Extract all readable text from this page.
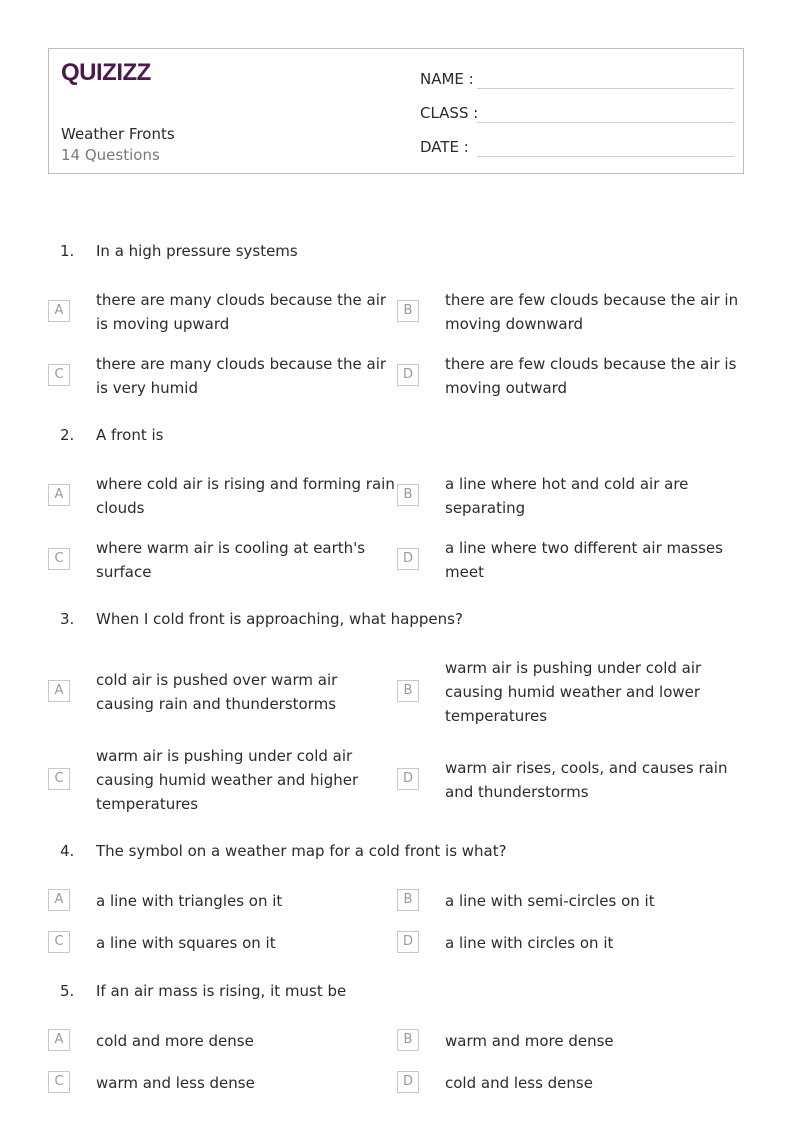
QUIZIZZ
Weather Fronts
14 Questions
NAME :
CLASS :
DATE :
1. In a high pressure systems
A
there are many clouds because the air is moving upward
B
there are few clouds because the air in moving downward
C
there are many clouds because the air is very humid
D
there are few clouds because the air is moving outward
2. A front is
A
where cold air is rising and forming rain clouds
B
a line where hot and cold air are separating
C
where warm air is cooling at earth's surface
D
a line where two different air masses meet
3. When I cold front is approaching, what happens?
A
cold air is pushed over warm air causing rain and thunderstorms
B
warm air is pushing under cold air causing humid weather and lower temperatures
C
warm air is pushing under cold air causing humid weather and higher temperatures
D
warm air rises, cools, and causes rain and thunderstorms
4. The symbol on a weather map for a cold front is what?
A	a line with triangles on it	B	a line with semi-circles on it
C	a line with squares on it	D	a line with circles on it
5. If an air mass is rising, it must be
A	cold and more dense	B	warm and more dense
C	warm and less dense	D	cold and less dense
